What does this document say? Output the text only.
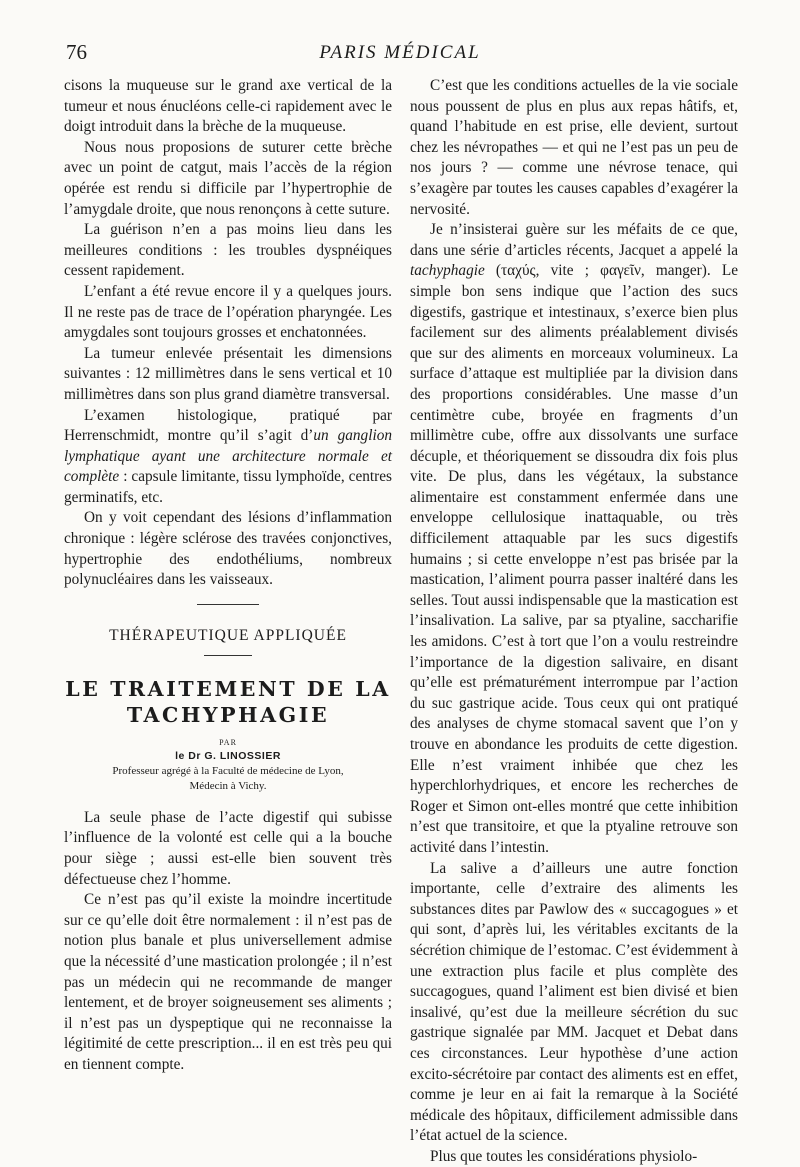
76	PARIS MÉDICAL

cisons la muqueuse sur le grand axe vertical de la tumeur et nous énucléons celle-ci rapidement avec le doigt introduit dans la brèche de la muqueuse.

Nous nous proposions de suturer cette brèche avec un point de catgut, mais l’accès de la région opérée est rendu si difficile par l’hypertrophie de l’amygdale droite, que nous renonçons à cette suture.

La guérison n’en a pas moins lieu dans les meilleures conditions : les troubles dyspnéiques cessent rapidement.

L’enfant a été revue encore il y a quelques jours. Il ne reste pas de trace de l’opération pharyngée. Les amygdales sont toujours grosses et enchatonnées.

La tumeur enlevée présentait les dimensions suivantes : 12 millimètres dans le sens vertical et 10 millimètres dans son plus grand diamètre transversal.

L’examen histologique, pratiqué par Herrenschmidt, montre qu’il s’agit d’un ganglion lymphatique ayant une architecture normale et complète : capsule limitante, tissu lymphoïde, centres germinatifs, etc.

On y voit cependant des lésions d’inflammation chronique : légère sclérose des travées conjonctives, hypertrophie des endothéliums, nombreux polynucléaires dans les vaisseaux.

THÉRAPEUTIQUE APPLIQUÉE
LE TRAITEMENT DE LA
TACHYPHAGIE
PAR
le Dr G. LINOSSIER
Professeur agrégé à la Faculté de médecine de Lyon,
Médecin à Vichy.

La seule phase de l’acte digestif qui subisse l’influence de la volonté est celle qui a la bouche pour siège ; aussi est-elle bien souvent très défectueuse chez l’homme.

Ce n’est pas qu’il existe la moindre incertitude sur ce qu’elle doit être normalement : il n’est pas de notion plus banale et plus universellement admise que la nécessité d’une mastication prolongée ; il n’est pas un médecin qui ne recommande de manger lentement, et de broyer soigneusement ses aliments ; il n’est pas un dyspeptique qui ne reconnaisse la légitimité de cette prescription... il en est très peu qui en tiennent compte.

C’est que les conditions actuelles de la vie sociale nous poussent de plus en plus aux repas hâtifs, et, quand l’habitude en est prise, elle devient, surtout chez les névropathes — et qui ne l’est pas un peu de nos jours ? — comme une névrose tenace, qui s’exagère par toutes les causes capables d’exagérer la nervosité.

Je n’insisterai guère sur les méfaits de ce que, dans une série d’articles récents, Jacquet a appelé la tachyphagie (ταχύς, vite ; φαγεῖν, manger). Le simple bon sens indique que l’action des sucs digestifs, gastrique et intestinaux, s’exerce bien plus facilement sur des aliments préalablement divisés que sur des aliments en morceaux volumineux. La surface d’attaque est multipliée par la division dans des proportions considérables. Une masse d’un centimètre cube, broyée en fragments d’un millimètre cube, offre aux dissolvants une surface décuple, et théoriquement se dissoudra dix fois plus vite. De plus, dans les végétaux, la substance alimentaire est constamment enfermée dans une enveloppe cellulosique inattaquable, ou très difficilement attaquable par les sucs digestifs humains ; si cette enveloppe n’est pas brisée par la mastication, l’aliment pourra passer inaltéré dans les selles. Tout aussi indispensable que la mastication est l’insalivation. La salive, par sa ptyaline, saccharifie les amidons. C’est à tort que l’on a voulu restreindre l’importance de la digestion salivaire, en disant qu’elle est prématurément interrompue par l’action du suc gastrique acide. Tous ceux qui ont pratiqué des analyses de chyme stomacal savent que l’on y trouve en abondance les produits de cette digestion. Elle n’est vraiment inhibée que chez les hyperchlorhydriques, et encore les recherches de Roger et Simon ont-elles montré que cette inhibition n’est que transitoire, et que la ptyaline retrouve son activité dans l’intestin.

La salive a d’ailleurs une autre fonction importante, celle d’extraire des aliments les substances dites par Pawlow des « succagogues » et qui sont, d’après lui, les véritables excitants de la sécrétion chimique de l’estomac. C’est évidemment à une extraction plus facile et plus complète des succagogues, quand l’aliment est bien divisé et bien insalivé, qu’est due la meilleure sécrétion du suc gastrique signalée par MM. Jacquet et Debat dans ces circonstances. Leur hypothèse d’une action excito-sécrétoire par contact des aliments est en effet, comme je leur en ai fait la remarque à la Société médicale des hôpitaux, difficilement admissible dans l’état actuel de la science.

Plus que toutes les considérations physiolo-
